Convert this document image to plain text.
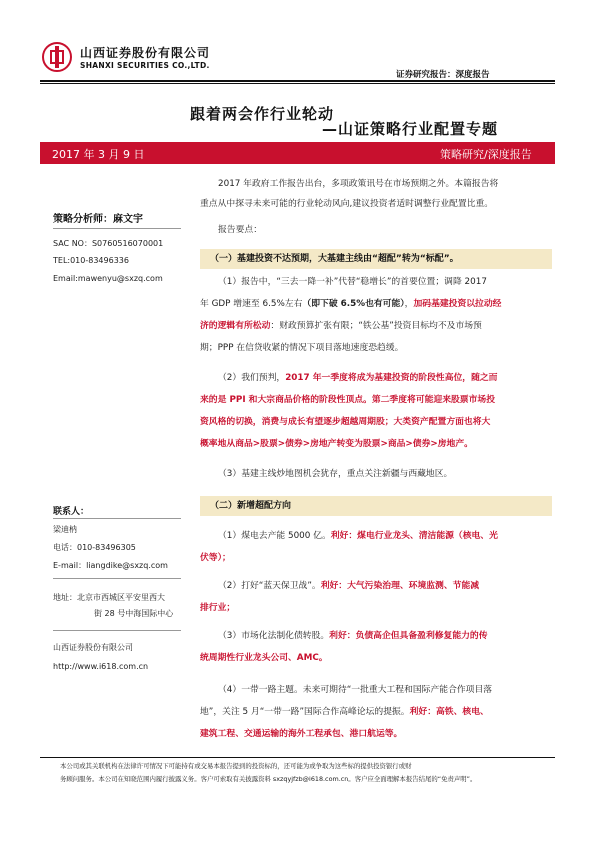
山西证券股份有限公司
SHANXI SECURITIES CO.,LTD.
证券研究报告：深度报告
跟着两会作行业轮动
—山证策略行业配置专题
2017 年 3 月 9 日	策略研究/深度报告
策略分析师：麻文宇
SAC NO：S0760516070001
TEL:010-83496336
Email:mawenyu@sxzq.com
联系人：
梁迪枘
电话：010-83496305
E-mail：liangdike@sxzq.com
地址：北京市西城区平安里西大
街 28 号中海国际中心
山西证券股份有限公司
http://www.i618.com.cn
2017 年政府工作报告出台，多项政策讯号在市场预期之外。本篇报告将
重点从中探寻未来可能的行业轮动风向,建议投资者适时调整行业配置比重。
报告要点：
（一）基建投资不达预期，大基建主线由“超配”转为“标配”。
（1）报告中，“三去一降一补”代替“稳增长”的首要位置；调降 2017
年 GDP 增速至 6.5%左右（即下破 6.5%也有可能），加码基建投资以拉动经
济的逻辑有所松动：财政预算扩张有限；“铁公基”投资目标均不及市场预
期；PPP 在信贷收紧的情况下项目落地速度恐趋缓。
（2）我们预判，2017 年一季度将成为基建投资的阶段性高位，随之而
来的是 PPI 和大宗商品价格的阶段性顶点。第二季度将可能迎来股票市场投
资风格的切换，消费与成长有望逐步超越周期股；大类资产配置方面也将大
概率地从商品>股票>债券>房地产转变为股票>商品>债券>房地产。
（3）基建主线炒地图机会犹存，重点关注新疆与西藏地区。
（二）新增超配方向
（1）煤电去产能 5000 亿。利好：煤电行业龙头、清洁能源（核电、光
伏等）；
（2）打好“蓝天保卫战”。利好：大气污染治理、环境监测、节能减
排行业；
（3）市场化法制化债转股。利好：负债高企但具备盈利修复能力的传
统周期性行业龙头公司、AMC。
（4）一带一路主题。未来可期待“一批重大工程和国际产能合作项目落
地”，关注 5 月“一带一路”国际合作高峰论坛的提振。利好：高铁、核电、
建筑工程、交通运输的海外工程承包、港口航运等。
本公司或其关联机构在法律许可情况下可能持有或交易本报告提到的投资标的，还可能为或争取为这些标的提供投资银行或财
务顾问服务。本公司在知晓范围内履行披露义务。客户可索取有关披露资料 sxzqyjfzb@i618.com.cn。客户应全面理解本报告结尾的“免责声明”。
